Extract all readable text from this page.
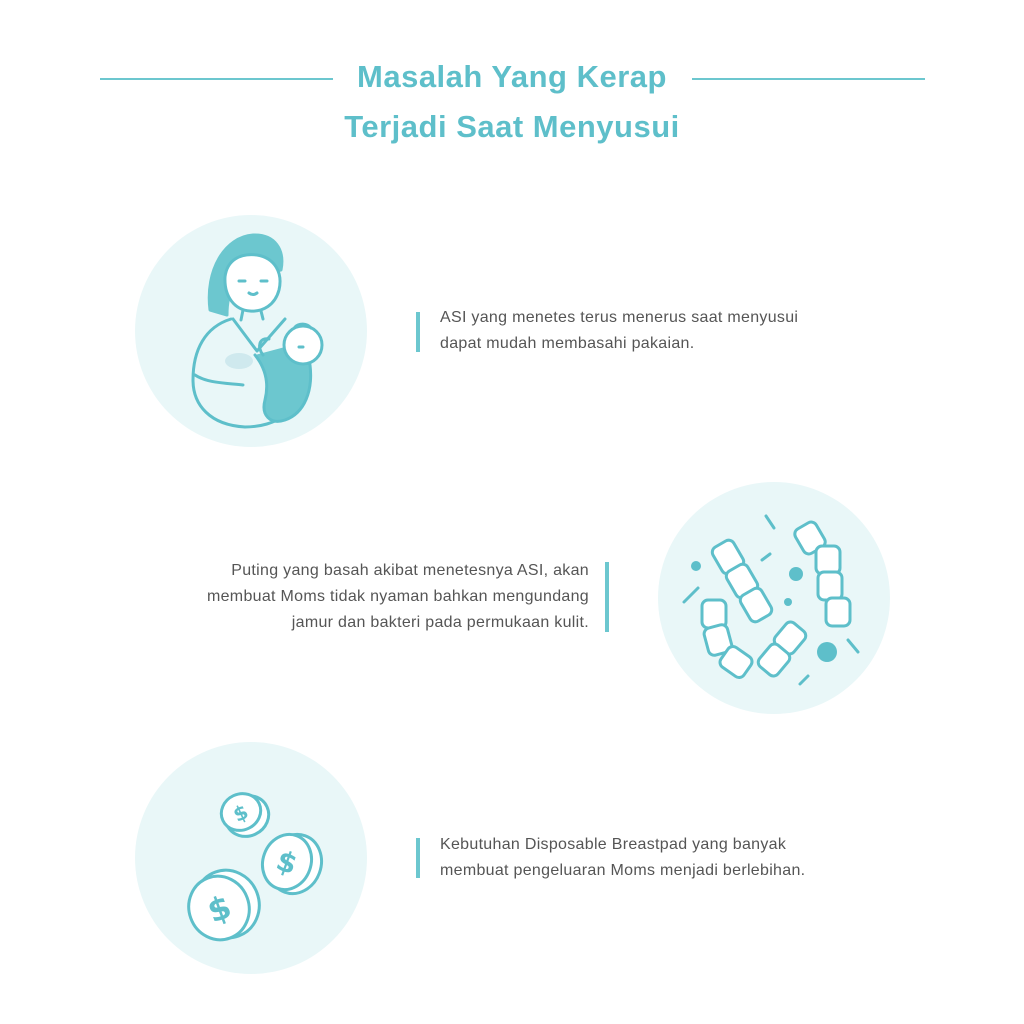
Masalah Yang Kerap
Terjadi Saat Menyusui
ASI yang menetes terus menerus saat menyusui
dapat mudah membasahi pakaian.
Puting yang basah akibat menetesnya ASI, akan
membuat Moms tidak nyaman bahkan mengundang
jamur dan bakteri pada permukaan kulit.
$
$
$
Kebutuhan Disposable Breastpad yang banyak
membuat pengeluaran Moms menjadi berlebihan.
